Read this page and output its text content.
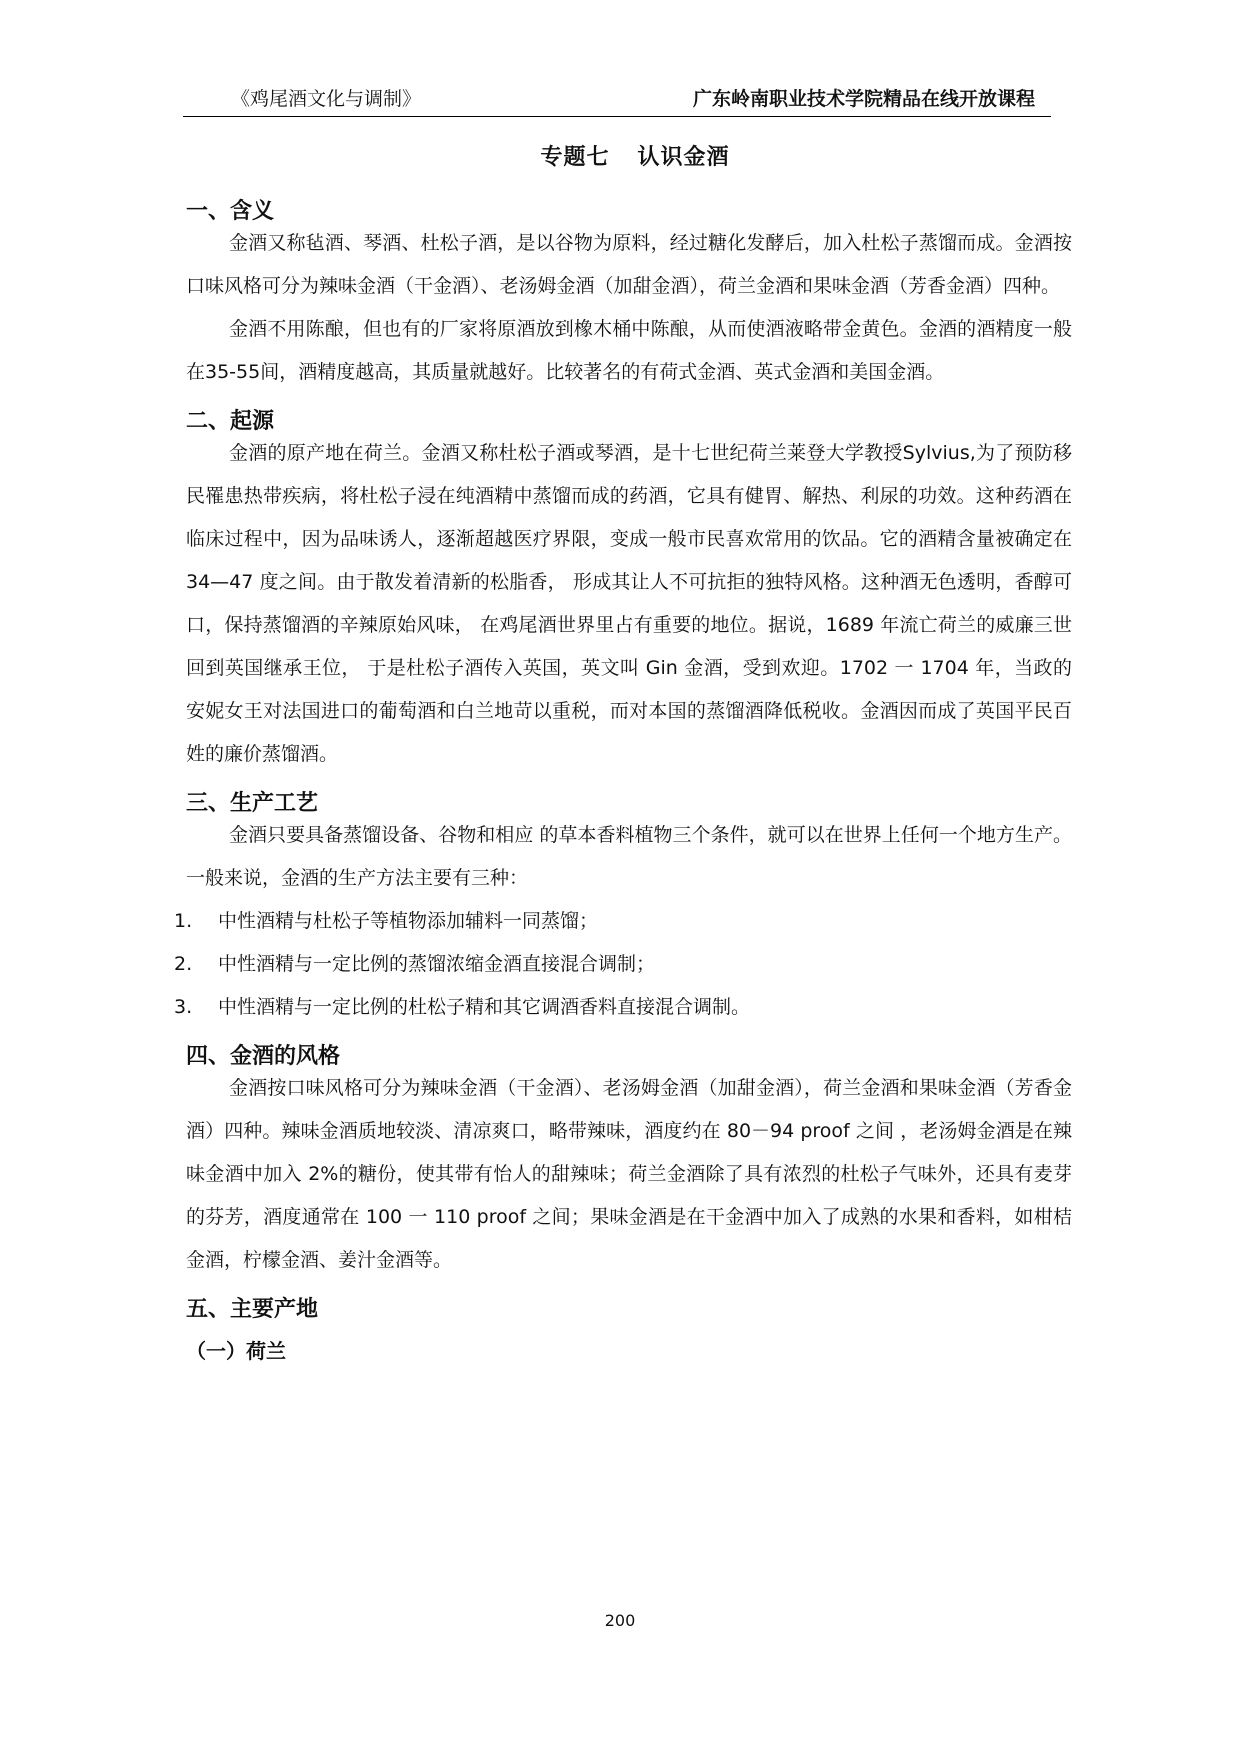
《鸡尾酒文化与调制》	广东岭南职业技术学院精品在线开放课程
专题七 认识金酒
一、含义

金酒又称毡酒、琴酒、杜松子酒，是以谷物为原料，经过糖化发酵后，加入杜松子蒸馏而成。金酒按口味风格可分为辣味金酒（干金酒）、老汤姆金酒（加甜金酒），荷兰金酒和果味金酒（芳香金酒）四种。

金酒不用陈酿，但也有的厂家将原酒放到橡木桶中陈酿，从而使酒液略带金黄色。金酒的酒精度一般在35-55间，酒精度越高，其质量就越好。比较著名的有荷式金酒、英式金酒和美国金酒。

二、起源

金酒的原产地在荷兰。金酒又称杜松子酒或琴酒，是十七世纪荷兰莱登大学教授Sylvius,为了预防移民罹患热带疾病，将杜松子浸在纯酒精中蒸馏而成的药酒，它具有健胃、解热、利尿的功效。这种药酒在临床过程中，因为品味诱人，逐渐超越医疗界限，变成一般市民喜欢常用的饮品。它的酒精含量被确定在 34—47 度之间。由于散发着清新的松脂香， 形成其让人不可抗拒的独特风格。这种酒无色透明，香醇可口，保持蒸馏酒的辛辣原始风味， 在鸡尾酒世界里占有重要的地位。据说，1689 年流亡荷兰的威廉三世回到英国继承王位， 于是杜松子酒传入英国，英文叫 Gin 金酒，受到欢迎。1702 一 1704 年，当政的安妮女王对法国进口的葡萄酒和白兰地苛以重税，而对本国的蒸馏酒降低税收。金酒因而成了英国平民百姓的廉价蒸馏酒。

三、生产工艺

金酒只要具备蒸馏设备、谷物和相应 的草本香料植物三个条件，就可以在世界上任何一个地方生产。一般来说，金酒的生产方法主要有三种：

1.	中性酒精与杜松子等植物添加辅料一同蒸馏；
2.	中性酒精与一定比例的蒸馏浓缩金酒直接混合调制；
3.	中性酒精与一定比例的杜松子精和其它调酒香料直接混合调制。
四、金酒的风格

金酒按口味风格可分为辣味金酒（干金酒）、老汤姆金酒（加甜金酒），荷兰金酒和果味金酒（芳香金酒）四种。辣味金酒质地较淡、清凉爽口，略带辣味，酒度约在 80－94 proof 之间 ，老汤姆金酒是在辣味金酒中加入 2%的糖份，使其带有怡人的甜辣味；荷兰金酒除了具有浓烈的杜松子气味外，还具有麦芽的芬芳，酒度通常在 100 一 110 proof 之间；果味金酒是在干金酒中加入了成熟的水果和香料，如柑桔金酒，柠檬金酒、姜汁金酒等。

五、主要产地
（一）荷兰
200
